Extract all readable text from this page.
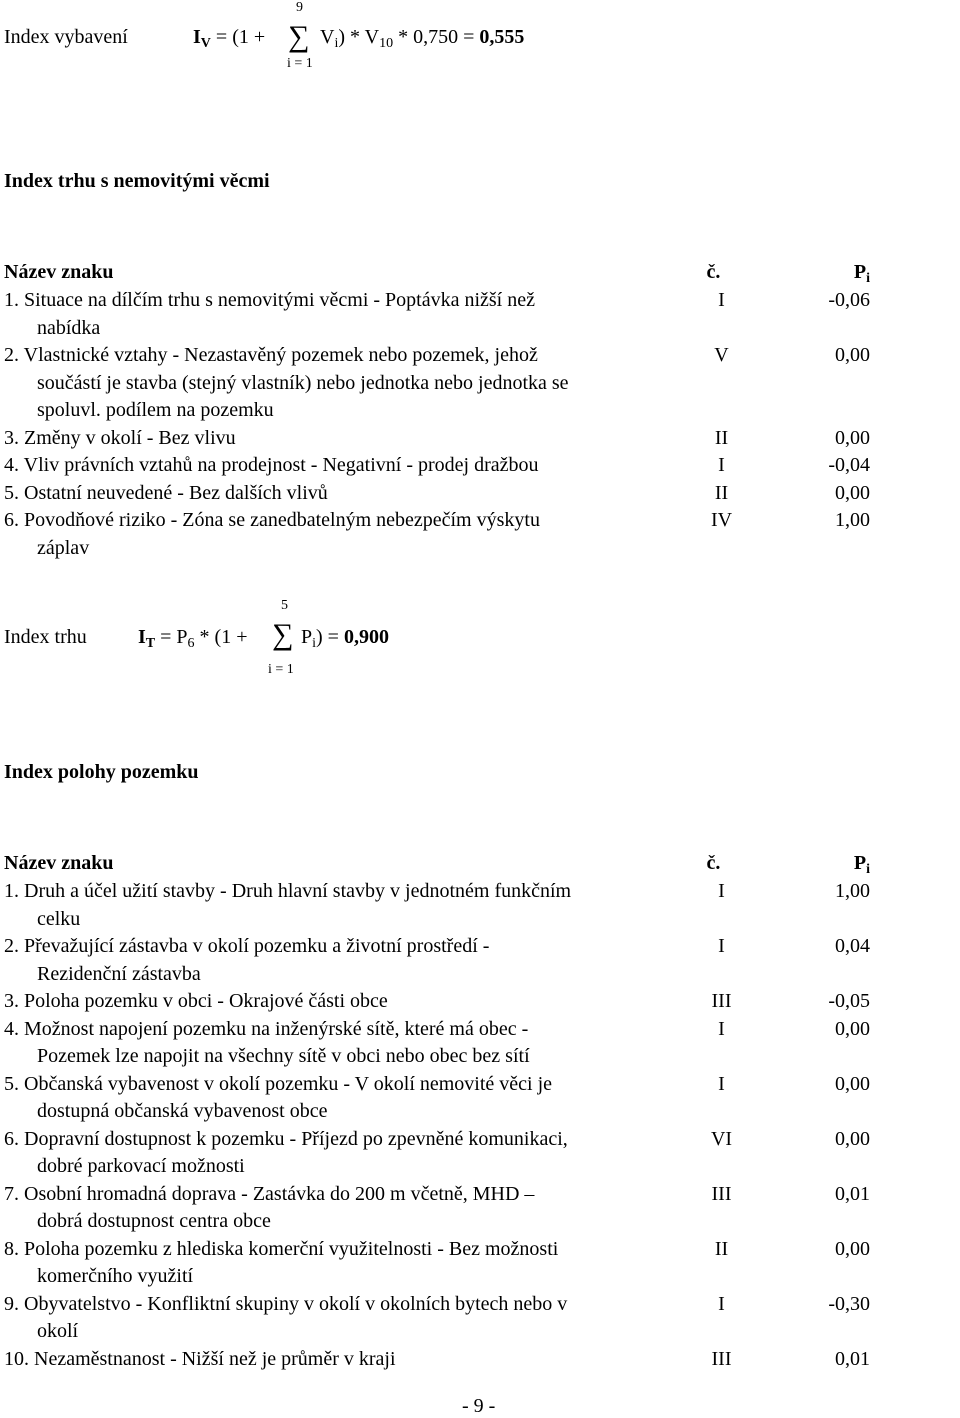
Index vybavení	$I_V = (1$ +
9
∑
i = 1
$V_i) * V_{10} * 0,750 = 0,555$
Index trhu s nemovitými věcmi
Název znaku	č.	$P_i$
1. Situace na dílčím trhu s nemovitými věcmi - Poptávka nižší než
nabídka
I	-0,06
2. Vlastnické vztahy - Nezastavěný pozemek nebo pozemek, jehož
součástí je stavba (stejný vlastník) nebo jednotka nebo jednotka se
spoluvl. podílem na pozemku
V	0,00
3. Změny v okolí - Bez vlivu	II	0,00
4. Vliv právních vztahů na prodejnost - Negativní - prodej dražbou	I	-0,04
5. Ostatní neuvedené - Bez dalších vlivů	II	0,00
6. Povodňové riziko - Zóna se zanedbatelným nebezpečím výskytu
záplav
IV	1,00
5
Index trhu	$I_T = P_6 * (1$ + ∑ $P_i) = 0,900$
i = 1
Index polohy pozemku
Název znaku	č.	$P_i$
1. Druh a účel užití stavby - Druh hlavní stavby v jednotném funkčním
celku
I	1,00
2. Převažující zástavba v okolí pozemku a životní prostředí -
Rezidenční zástavba
I	0,04
3. Poloha pozemku v obci - Okrajové části obce	III	-0,05
4. Možnost napojení pozemku na inženýrské sítě, které má obec -
Pozemek lze napojit na všechny sítě v obci nebo obec bez sítí
I	0,00
5. Občanská vybavenost v okolí pozemku - V okolí nemovité věci je
dostupná občanská vybavenost obce
I	0,00
6. Dopravní dostupnost k pozemku - Příjezd po zpevněné komunikaci,
dobré parkovací možnosti
VI	0,00
7. Osobní hromadná doprava - Zastávka do 200 m včetně, MHD –
dobrá dostupnost centra obce
III	0,01
8. Poloha pozemku z hlediska komerční využitelnosti - Bez možnosti
komerčního využití
II	0,00
9. Obyvatelstvo - Konfliktní skupiny v okolí v okolních bytech nebo v
okolí
I	-0,30
10. Nezaměstnanost - Nižší než je průměr v kraji	III	0,01
- 9 -
